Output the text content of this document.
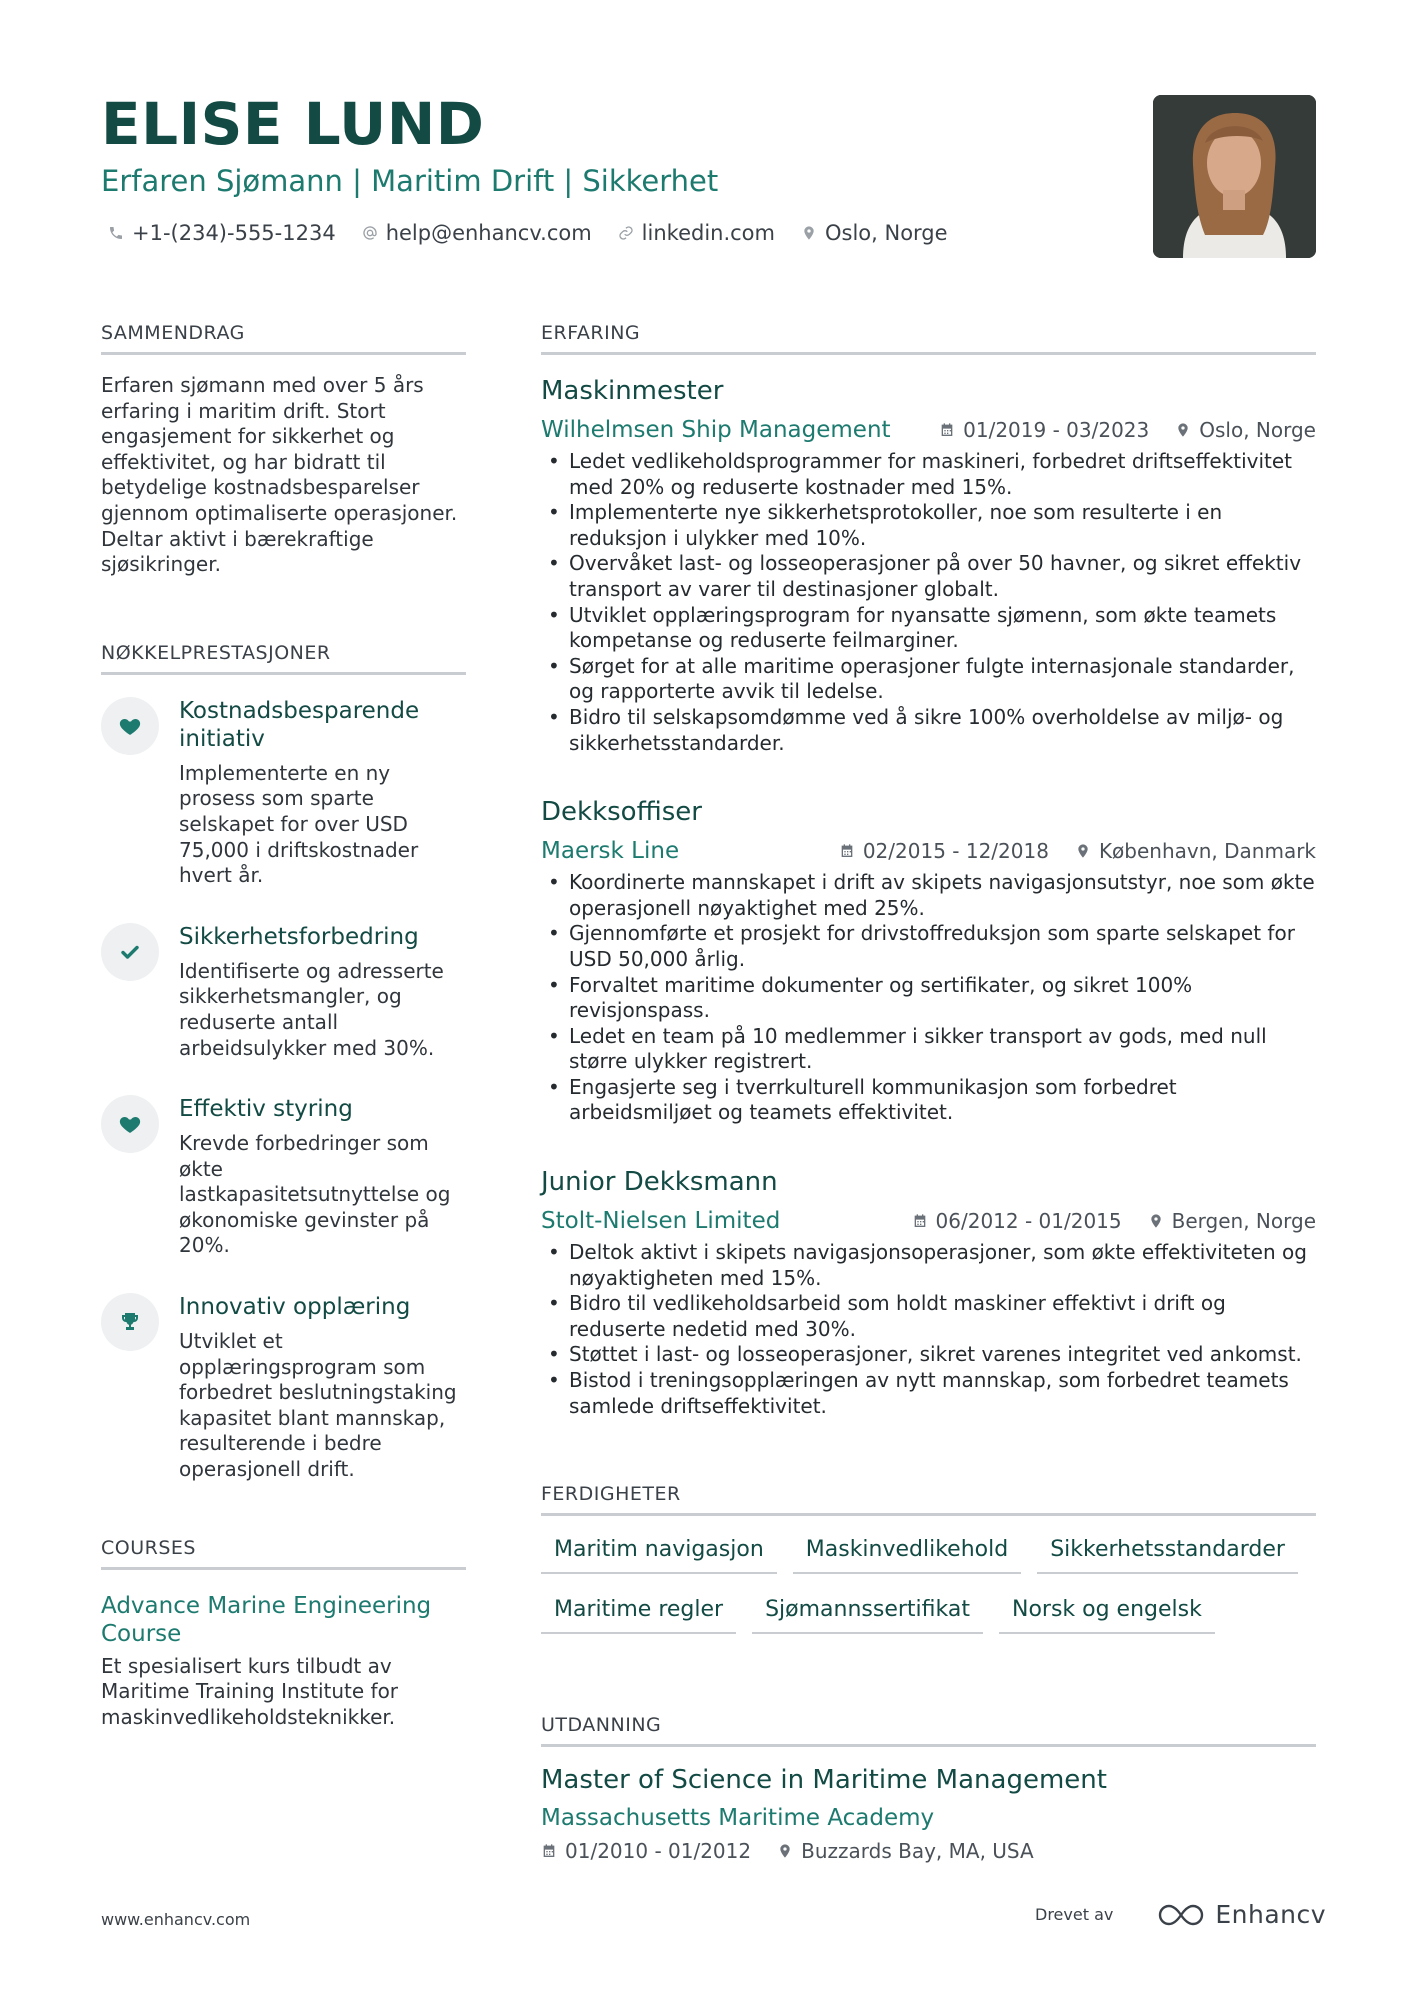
ELISE LUND
Erfaren Sjømann | Maritim Drift | Sikkerhet
+1-(234)-555-1234 help@enhancv.com linkedin.com Oslo, Norge
SAMMENDRAG

Erfaren sjømann med over 5 års erfaring i maritim drift. Stort engasjement for sikkerhet og effektivitet, og har bidratt til betydelige kostnadsbesparelser gjennom optimaliserte operasjoner. Deltar aktivt i bærekraftige sjøsikringer.

NØKKELPRESTASJONER

Kostnadsbesparende initiativ

Implementerte en ny prosess som sparte selskapet for over USD 75,000 i driftskostnader hvert år.

Sikkerhetsforbedring

Identifiserte og adresserte sikkerhetsmangler, og reduserte antall arbeidsulykker med 30%.

Effektiv styring

Krevde forbedringer som økte lastkapasitetsutnyttelse og økonomiske gevinster på 20%.

Innovativ opplæring

Utviklet et opplæringsprogram som forbedret beslutningstaking kapasitet blant mannskap, resulterende i bedre operasjonell drift.

COURSES

Advance Marine Engineering Course

Et spesialisert kurs tilbudt av Maritime Training Institute for maskinvedlikeholdsteknikker.

ERFARING
Maskinmester
Wilhelmsen Ship Management	01/2019 - 03/2023	Oslo, Norge
• Ledet vedlikeholdsprogrammer for maskineri, forbedret driftseffektivitet med 20% og reduserte kostnader med 15%.
• Implementerte nye sikkerhetsprotokoller, noe som resulterte i en reduksjon i ulykker med 10%.
• Overvåket last- og losseoperasjoner på over 50 havner, og sikret effektiv transport av varer til destinasjoner globalt.
• Utviklet opplæringsprogram for nyansatte sjømenn, som økte teamets kompetanse og reduserte feilmarginer.
• Sørget for at alle maritime operasjoner fulgte internasjonale standarder, og rapporterte avvik til ledelse.
• Bidro til selskapsomdømme ved å sikre 100% overholdelse av miljø- og sikkerhetsstandarder.
Dekksoffiser
Maersk Line	02/2015 - 12/2018	København, Danmark
• Koordinerte mannskapet i drift av skipets navigasjonsutstyr, noe som økte operasjonell nøyaktighet med 25%.
• Gjennomførte et prosjekt for drivstoffreduksjon som sparte selskapet for USD 50,000 årlig.
• Forvaltet maritime dokumenter og sertifikater, og sikret 100% revisjonspass.
• Ledet en team på 10 medlemmer i sikker transport av gods, med null større ulykker registrert.
• Engasjerte seg i tverrkulturell kommunikasjon som forbedret arbeidsmiljøet og teamets effektivitet.
Junior Dekksmann
Stolt-Nielsen Limited	06/2012 - 01/2015	Bergen, Norge
• Deltok aktivt i skipets navigasjonsoperasjoner, som økte effektiviteten og nøyaktigheten med 15%.
• Bidro til vedlikeholdsarbeid som holdt maskiner effektivt i drift og reduserte nedetid med 30%.
• Støttet i last- og losseoperasjoner, sikret varenes integritet ved ankomst.
• Bistod i treningsopplæringen av nytt mannskap, som forbedret teamets samlede driftseffektivitet.
FERDIGHETER
Maritim navigasjon	Maskinvedlikehold	Sikkerhetsstandarder
Maritime regler	Sjømannssertifikat	Norsk og engelsk
UTDANNING
Master of Science in Maritime Management
Massachusetts Maritime Academy
01/2010 - 01/2012	Buzzards Bay, MA, USA
www.enhancv.com	Drevet av	Enhancv
